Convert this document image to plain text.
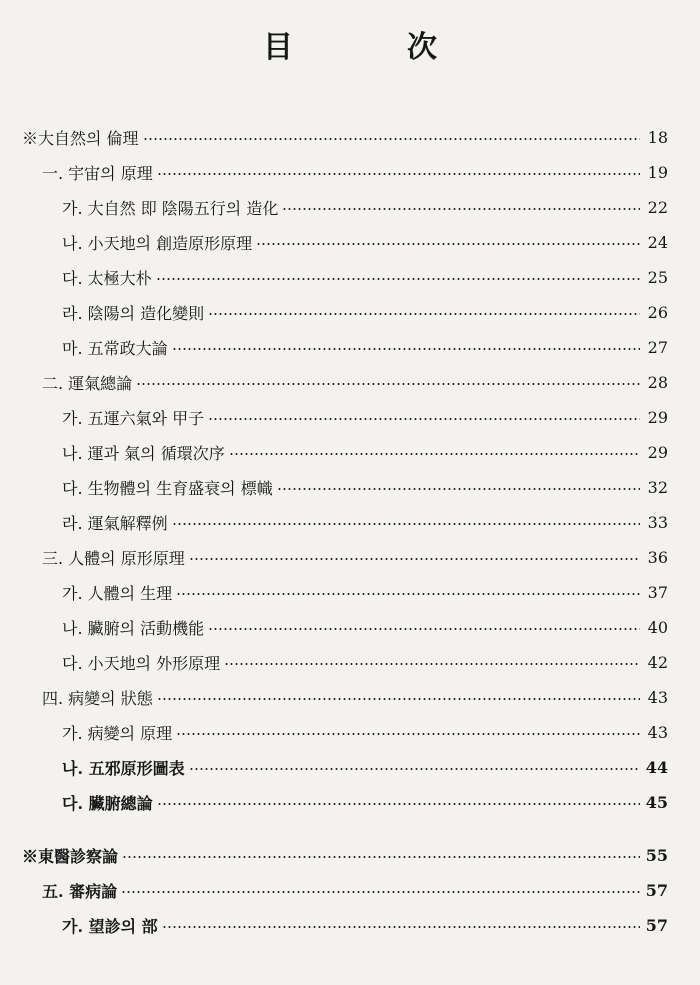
目　次
※大自然의 倫理	18
一. 宇宙의 原理	19
가. 大自然 即 陰陽五行의 造化	22
나. 小天地의 創造原形原理	24
다. 太極大朴	25
라. 陰陽의 造化變則	26
마. 五常政大論	27
二. 運氣總論	28
가. 五運六氣와 甲子	29
나. 運과 氣의 循環次序	29
다. 生物體의 生育盛衰의 標幟	32
라. 運氣解釋例	33
三. 人體의 原形原理	36
가. 人體의 生理	37
나. 臟腑의 活動機能	40
다. 小天地의 外形原理	42
四. 病變의 狀態	43
가. 病變의 原理	43
나. 五邪原形圖表	44
다. 臟腑總論	45
※東醫診察論	55
五. 審病論	57
가. 望診의 部	57
